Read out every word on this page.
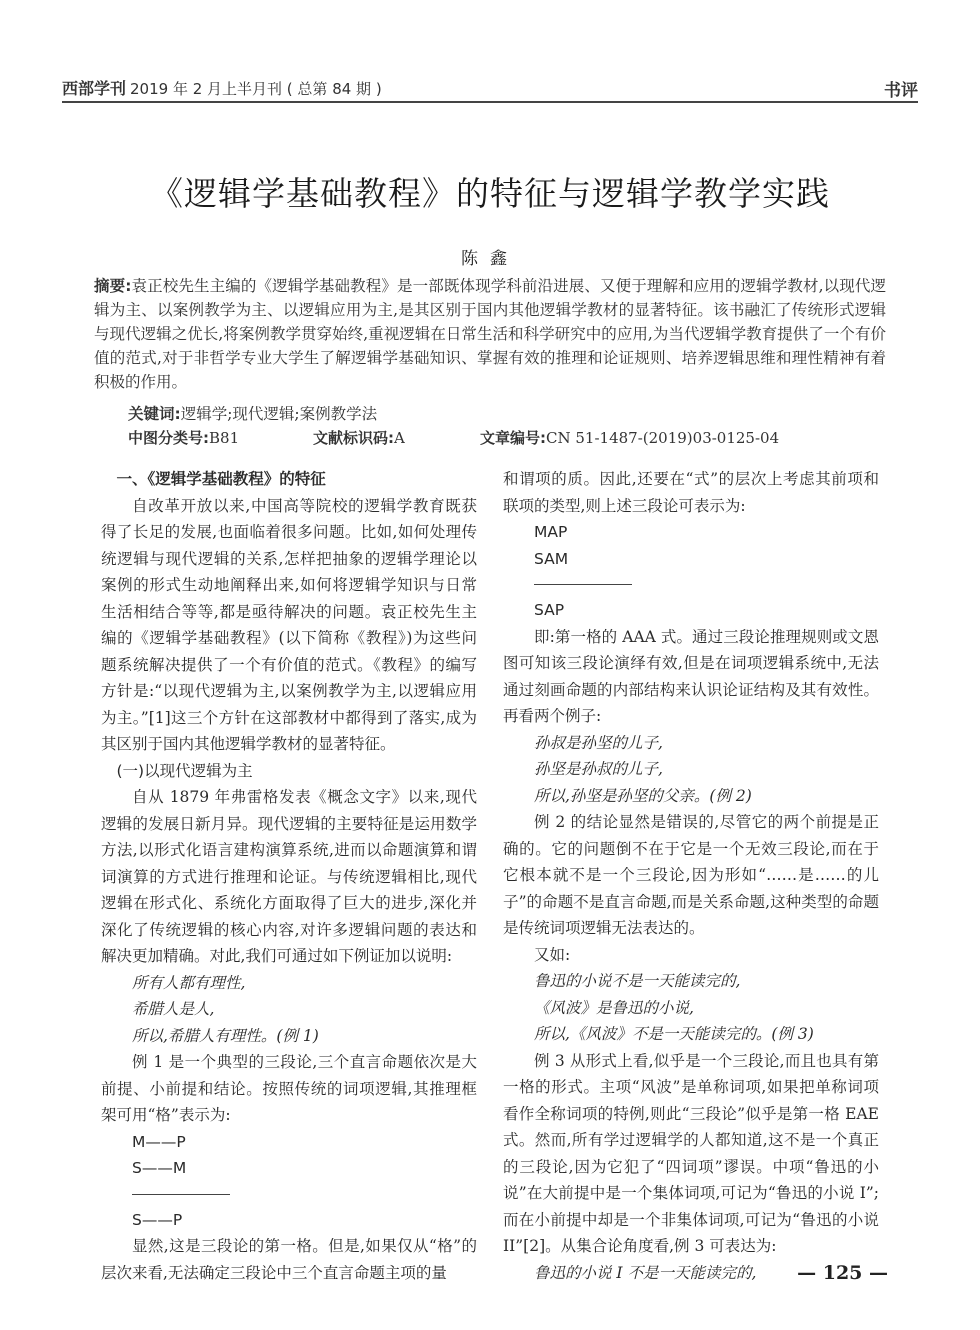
西部学刊 2019 年 2 月上半月刊 ( 总第 84 期 )	书评
《逻辑学基础教程》的特征与逻辑学教学实践
陈鑫
摘要:袁正校先生主编的《逻辑学基础教程》是一部既体现学科前沿进展、又便于理解和应用的逻辑学教材,以现代逻辑为主、以案例教学为主、以逻辑应用为主,是其区别于国内其他逻辑学教材的显著特征。该书融汇了传统形式逻辑与现代逻辑之优长,将案例教学贯穿始终,重视逻辑在日常生活和科学研究中的应用,为当代逻辑学教育提供了一个有价值的范式,对于非哲学专业大学生了解逻辑学基础知识、掌握有效的推理和论证规则、培养逻辑思维和理性精神有着积极的作用。
关键词:逻辑学;现代逻辑;案例教学法
中图分类号:B81	文献标识码:A	文章编号:CN 51-1487-(2019)03-0125-04

一、《逻辑学基础教程》的特征

自改革开放以来,中国高等院校的逻辑学教育既获得了长足的发展,也面临着很多问题。比如,如何处理传统逻辑与现代逻辑的关系,怎样把抽象的逻辑学理论以案例的形式生动地阐释出来,如何将逻辑学知识与日常生活相结合等等,都是亟待解决的问题。袁正校先生主编的《逻辑学基础教程》(以下简称《教程》)为这些问题系统解决提供了一个有价值的范式。《教程》的编写方针是:“以现代逻辑为主,以案例教学为主,以逻辑应用为主。”[1]这三个方针在这部教材中都得到了落实,成为其区别于国内其他逻辑学教材的显著特征。

(一)以现代逻辑为主

自从 1879 年弗雷格发表《概念文字》以来,现代逻辑的发展日新月异。现代逻辑的主要特征是运用数学方法,以形式化语言建构演算系统,进而以命题演算和谓词演算的方式进行推理和论证。与传统逻辑相比,现代逻辑在形式化、系统化方面取得了巨大的进步,深化并深化了传统逻辑的核心内容,对许多逻辑问题的表达和解决更加精确。对此,我们可通过如下例证加以说明:

所有人都有理性,

希腊人是人,

所以,希腊人有理性。(例 1)

例 1 是一个典型的三段论,三个直言命题依次是大前提、小前提和结论。按照传统的词项逻辑,其推理框架可用“格”表示为:

M——P

S——M

S——P

显然,这是三段论的第一格。但是,如果仅从“格”的层次来看,无法确定三段论中三个直言命题主项的量

和谓项的质。因此,还要在“式”的层次上考虑其前项和联项的类型,则上述三段论可表示为:

MAP

SAM

SAP

即:第一格的 AAA 式。通过三段论推理规则或文恩图可知该三段论演绎有效,但是在词项逻辑系统中,无法通过刻画命题的内部结构来认识论证结构及其有效性。再看两个例子:

孙叔是孙坚的儿子,

孙坚是孙叔的儿子,

所以,孙坚是孙坚的父亲。(例 2)

例 2 的结论显然是错误的,尽管它的两个前提是正确的。它的问题倒不在于它是一个无效三段论,而在于它根本就不是一个三段论,因为形如“……是……的儿子”的命题不是直言命题,而是关系命题,这种类型的命题是传统词项逻辑无法表达的。

又如:

鲁迅的小说不是一天能读完的,

《风波》是鲁迅的小说,

所以,《风波》不是一天能读完的。(例 3)

例 3 从形式上看,似乎是一个三段论,而且也具有第一格的形式。主项“风波”是单称词项,如果把单称词项看作全称词项的特例,则此“三段论”似乎是第一格 EAE 式。然而,所有学过逻辑学的人都知道,这不是一个真正的三段论,因为它犯了“四词项”谬误。中项“鲁迅的小说”在大前提中是一个集体词项,可记为“鲁迅的小说 I”;而在小前提中却是一个非集体词项,可记为“鲁迅的小说 II”[2]。从集合论角度看,例 3 可表达为:

鲁迅的小说 I 不是一天能读完的,	— 125 —
